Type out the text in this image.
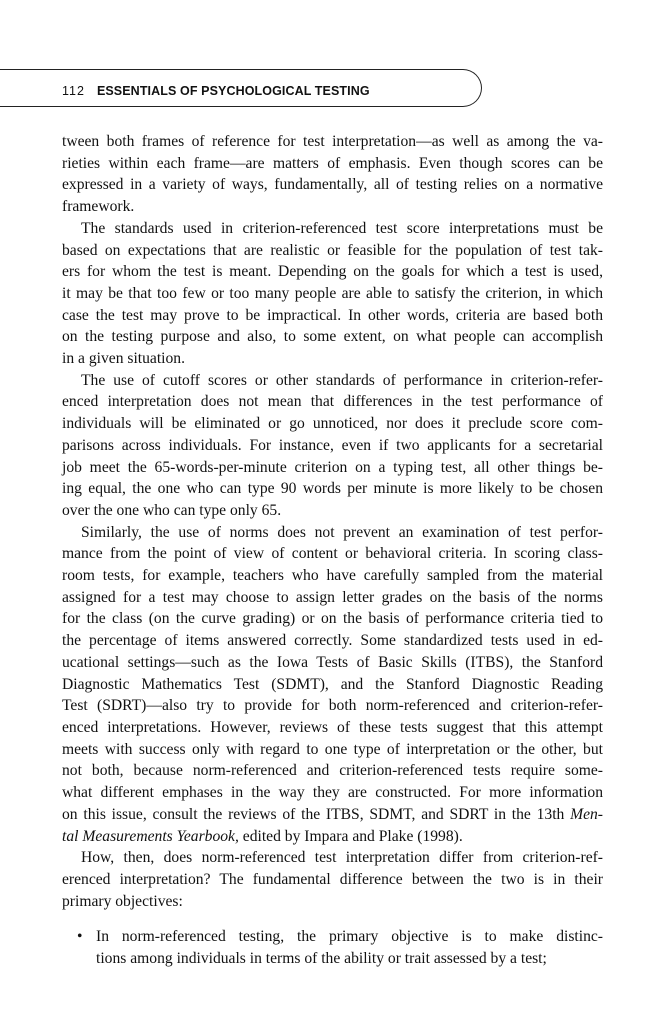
112 ESSENTIALS OF PSYCHOLOGICAL TESTING
tween both frames of reference for test interpretation—as well as among the va-
rieties within each frame—are matters of emphasis. Even though scores can be
expressed in a variety of ways, fundamentally, all of testing relies on a normative
framework.
The standards used in criterion-referenced test score interpretations must be
based on expectations that are realistic or feasible for the population of test tak-
ers for whom the test is meant. Depending on the goals for which a test is used,
it may be that too few or too many people are able to satisfy the criterion, in which
case the test may prove to be impractical. In other words, criteria are based both
on the testing purpose and also, to some extent, on what people can accomplish
in a given situation.
The use of cutoff scores or other standards of performance in criterion-refer-
enced interpretation does not mean that differences in the test performance of
individuals will be eliminated or go unnoticed, nor does it preclude score com-
parisons across individuals. For instance, even if two applicants for a secretarial
job meet the 65-words-per-minute criterion on a typing test, all other things be-
ing equal, the one who can type 90 words per minute is more likely to be chosen
over the one who can type only 65.
Similarly, the use of norms does not prevent an examination of test perfor-
mance from the point of view of content or behavioral criteria. In scoring class-
room tests, for example, teachers who have carefully sampled from the material
assigned for a test may choose to assign letter grades on the basis of the norms
for the class (on the curve grading) or on the basis of performance criteria tied to
the percentage of items answered correctly. Some standardized tests used in ed-
ucational settings—such as the Iowa Tests of Basic Skills (ITBS), the Stanford
Diagnostic Mathematics Test (SDMT), and the Stanford Diagnostic Reading
Test (SDRT)—also try to provide for both norm-referenced and criterion-refer-
enced interpretations. However, reviews of these tests suggest that this attempt
meets with success only with regard to one type of interpretation or the other, but
not both, because norm-referenced and criterion-referenced tests require some-
what different emphases in the way they are constructed. For more information
on this issue, consult the reviews of the ITBS, SDMT, and SDRT in the 13th Men-
tal Measurements Yearbook, edited by Impara and Plake (1998).
How, then, does norm-referenced test interpretation differ from criterion-ref-
erenced interpretation? The fundamental difference between the two is in their
primary objectives:
• In norm-referenced testing, the primary objective is to make distinc-
tions among individuals in terms of the ability or trait assessed by a test;
